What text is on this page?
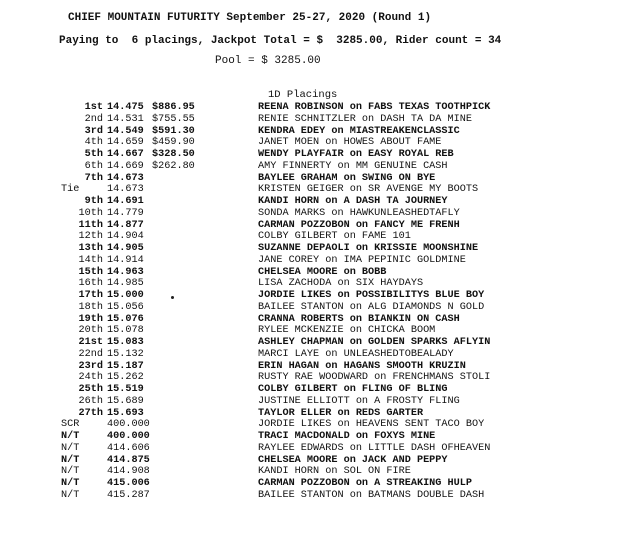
CHIEF MOUNTAIN FUTURITY September 25-27, 2020 (Round 1)
Paying to  6 placings, Jackpot Total = $  3285.00, Rider count = 34
Pool = $ 3285.00
1D Placings
1st 14.475 $886.95	REENA ROBINSON on FABS TEXAS TOOTHPICK
2nd 14.531 $755.55	RENIE SCHNITZLER on DASH TA DA MINE
3rd 14.549 $591.30	KENDRA EDEY on MIASTREAKENCLASSIC
4th 14.659 $459.90	JANET MOEN on HOWES ABOUT FAME
5th 14.667 $328.50	WENDY PLAYFAIR on EASY ROYAL REB
6th 14.669 $262.80	AMY FINNERTY on MM GENUINE CASH
7th 14.673	BAYLEE GRAHAM on SWING ON BYE
Tie	14.673	KRISTEN GEIGER on SR AVENGE MY BOOTS
9th 14.691	KANDI HORN on A DASH TA JOURNEY
10th 14.779	SONDA MARKS on HAWKUNLEASHEDTAFLY
11th 14.877	CARMAN POZZOBON on FANCY ME FRENH
12th 14.904	COLBY GILBERT on FAME 101
13th 14.905	SUZANNE DEPAOLI on KRISSIE MOONSHINE
14th 14.914	JANE COREY on IMA PEPINIC GOLDMINE
15th 14.963	CHELSEA MOORE on BOBB
16th 14.985	LISA ZACHODA on SIX HAYDAYS
17th 15.000	JORDIE LIKES on POSSIBILITYS BLUE BOY
18th 15.056	BAILEE STANTON on ALG DIAMONDS N GOLD
19th 15.076	CRANNA ROBERTS on BIANKIN ON CASH
20th 15.078	RYLEE MCKENZIE on CHICKA BOOM
21st 15.083	ASHLEY CHAPMAN on GOLDEN SPARKS AFLYIN
22nd 15.132	MARCI LAYE on UNLEASHEDTOBEALADY
23rd 15.187	ERIN HAGAN on HAGANS SMOOTH KRUZIN
24th 15.262	RUSTY RAE WOODWARD on FRENCHMANS STOLI
25th 15.519	COLBY GILBERT on FLING OF BLING
26th 15.689	JUSTINE ELLIOTT on A FROSTY FLING
27th 15.693	TAYLOR ELLER on REDS GARTER
SCR	400.000	JORDIE LIKES on HEAVENS SENT TACO BOY
N/T	400.000	TRACI MACDONALD on FOXYS MINE
N/T	414.606	RAYLEE EDWARDS on LITTLE DASH OFHEAVEN
N/T	414.875	CHELSEA MOORE on JACK AND PEPPY
N/T	414.908	KANDI HORN on SOL ON FIRE
N/T	415.006	CARMAN POZZOBON on A STREAKING HULP
N/T	415.287	BAILEE STANTON on BATMANS DOUBLE DASH
